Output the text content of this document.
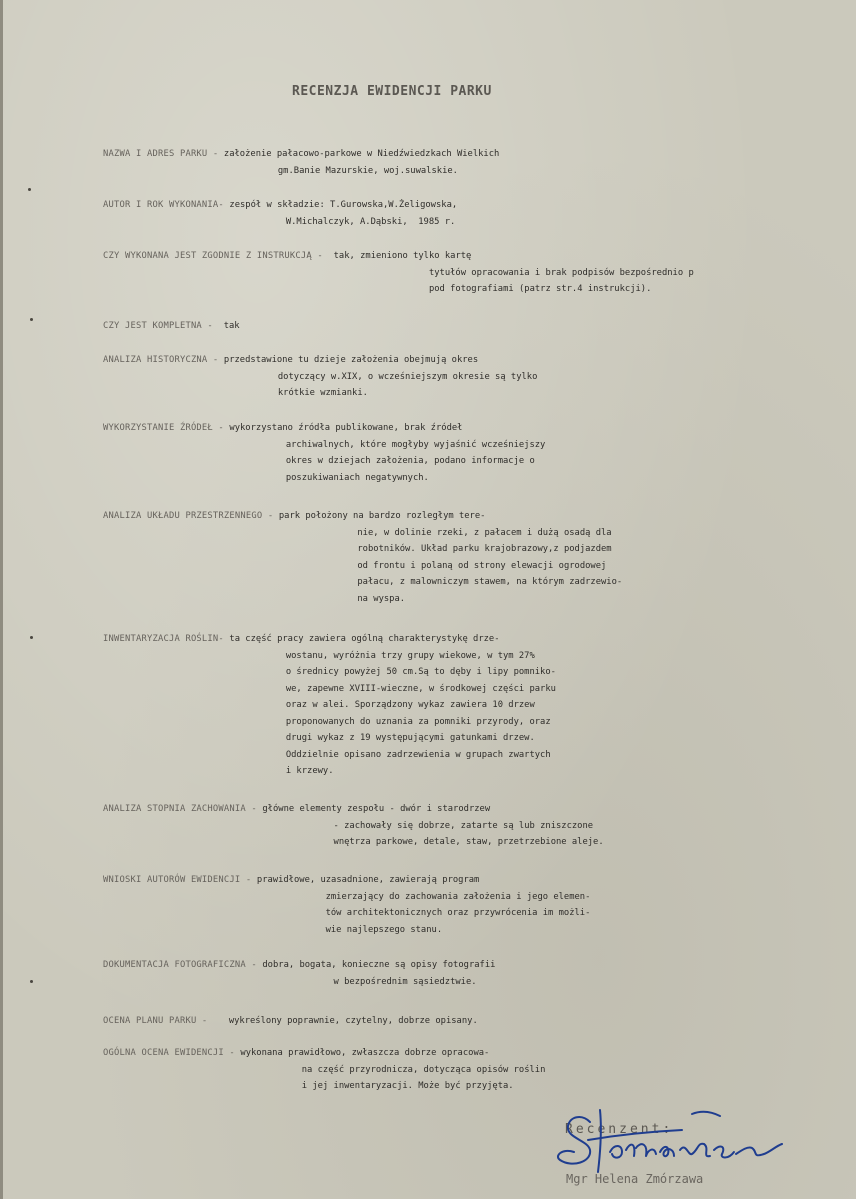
RECENZJA EWIDENCJI PARKU

NAZWA I ADRES PARKU - założenie pałacowo-parkowe w Niedźwiedzkach Wielkich
gm.Banie Mazurskie, woj.suwalskie.

AUTOR I ROK WYKONANIA- zespół w składzie: T.Gurowska,W.Żeligowska,
W.Michalczyk, A.Dąbski,  1985 r.

CZY WYKONANA JEST ZGODNIE Z INSTRUKCJĄ -  tak, zmieniono tylko kartę
tytułów opracowania i brak podpisów bezpośrednio p
pod fotografiami (patrz str.4 instrukcji).

CZY JEST KOMPLETNA -  tak

ANALIZA HISTORYCZNA - przedstawione tu dzieje założenia obejmują okres
dotyczący w.XIX, o wcześniejszym okresie są tylko
krótkie wzmianki.

WYKORZYSTANIE ŹRÓDEŁ - wykorzystano źródła publikowane, brak źródeł
archiwalnych, które mogłyby wyjaśnić wcześniejszy
okres w dziejach założenia, podano informacje o
poszukiwaniach negatywnych.

ANALIZA UKŁADU PRZESTRZENNEGO - park położony na bardzo rozległym tere-
nie, w dolinie rzeki, z pałacem i dużą osadą dla
robotników. Układ parku krajobrazowy,z podjazdem
od frontu i polaną od strony elewacji ogrodowej
pałacu, z malowniczym stawem, na którym zadrzewio-
na wyspa.

INWENTARYZACJA ROŚLIN- ta część pracy zawiera ogólną charakterystykę drze-
wostanu, wyróżnia trzy grupy wiekowe, w tym 27%
o średnicy powyżej 50 cm.Są to dęby i lipy pomniko-
we, zapewne XVIII-wieczne, w środkowej części parku
oraz w alei. Sporządzony wykaz zawiera 10 drzew
proponowanych do uznania za pomniki przyrody, oraz
drugi wykaz z 19 występującymi gatunkami drzew.
Oddzielnie opisano zadrzewienia w grupach zwartych
i krzewy.

ANALIZA STOPNIA ZACHOWANIA - główne elementy zespołu - dwór i starodrzew
- zachowały się dobrze, zatarte są lub zniszczone
wnętrza parkowe, detale, staw, przetrzebione aleje.

WNIOSKI AUTORÓW EWIDENCJI - prawidłowe, uzasadnione, zawierają program
zmierzający do zachowania założenia i jego elemen-
tów architektonicznych oraz przywrócenia im możli-
wie najlepszego stanu.

DOKUMENTACJA FOTOGRAFICZNA - dobra, bogata, konieczne są opisy fotografii
w bezpośrednim sąsiedztwie.

OCENA PLANU PARKU -    wykreślony poprawnie, czytelny, dobrze opisany.

OGÓLNA OCENA EWIDENCJI - wykonana prawidłowo, zwłaszcza dobrze opracowa-
na część przyrodnicza, dotycząca opisów roślin
i jej inwentaryzacji. Może być przyjęta.

Recenzent:
Mgr Helena Zmórzawa
